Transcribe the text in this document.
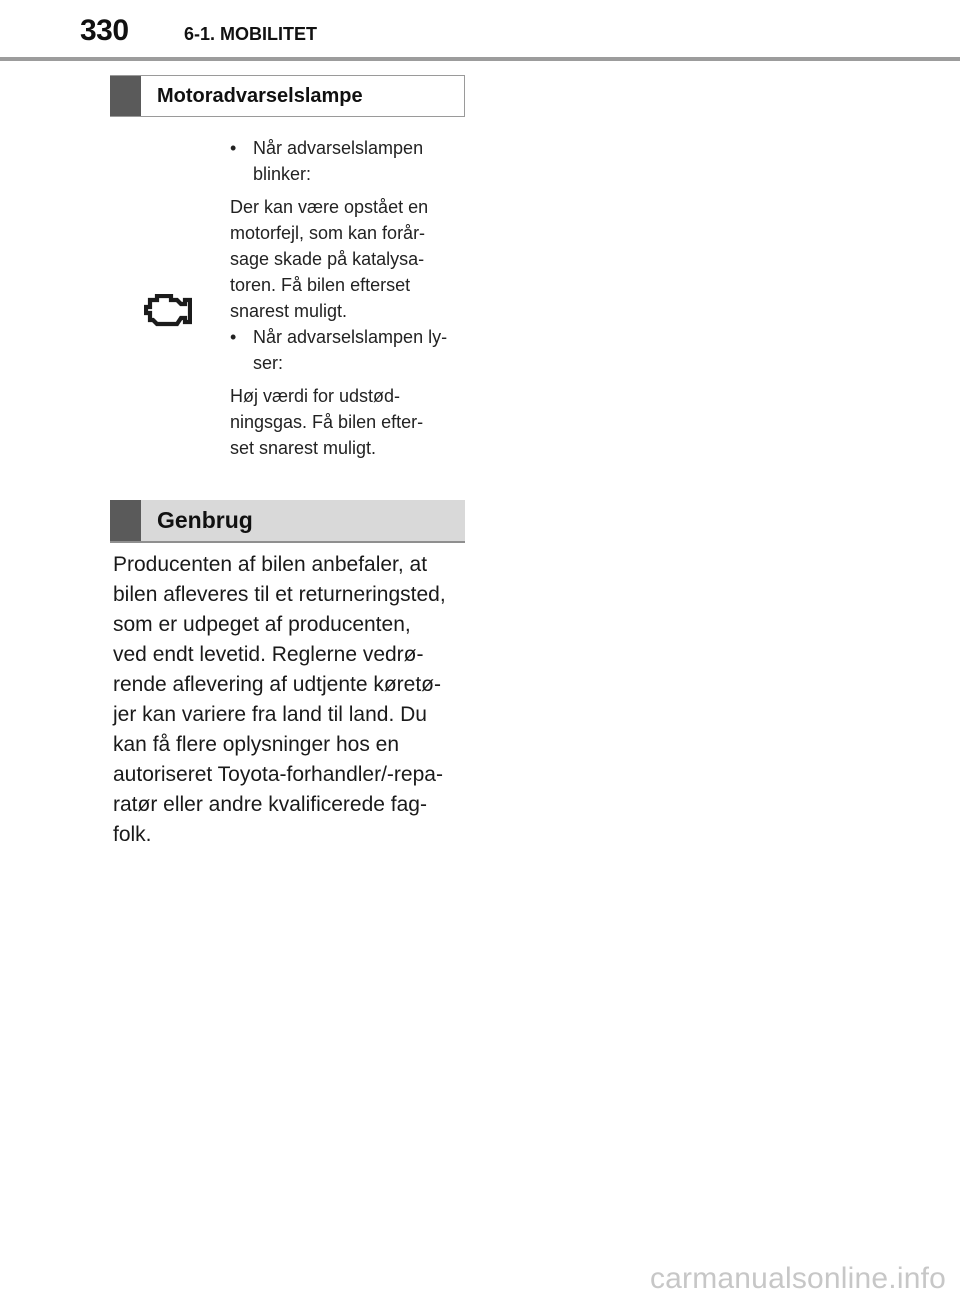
330	6-1. MOBILITET
Motoradvarselslampe
• Når advarselslampen
blinker:
Der kan være opstået en
motorfejl, som kan forår-
sage skade på katalysa-
toren. Få bilen efterset
snarest muligt.
• Når advarselslampen ly-
ser:
Høj værdi for udstød-
ningsgas. Få bilen efter-
set snarest muligt.
Genbrug

Producenten af bilen anbefaler, at

bilen afleveres til et returneringsted,

som er udpeget af producenten,

ved endt levetid. Reglerne vedrø-

rende aflevering af udtjente køretø-

jer kan variere fra land til land. Du

kan få flere oplysninger hos en

autoriseret Toyota-forhandler/-repa-

ratør eller andre kvalificerede fag-

folk.

carmanualsonline.info
